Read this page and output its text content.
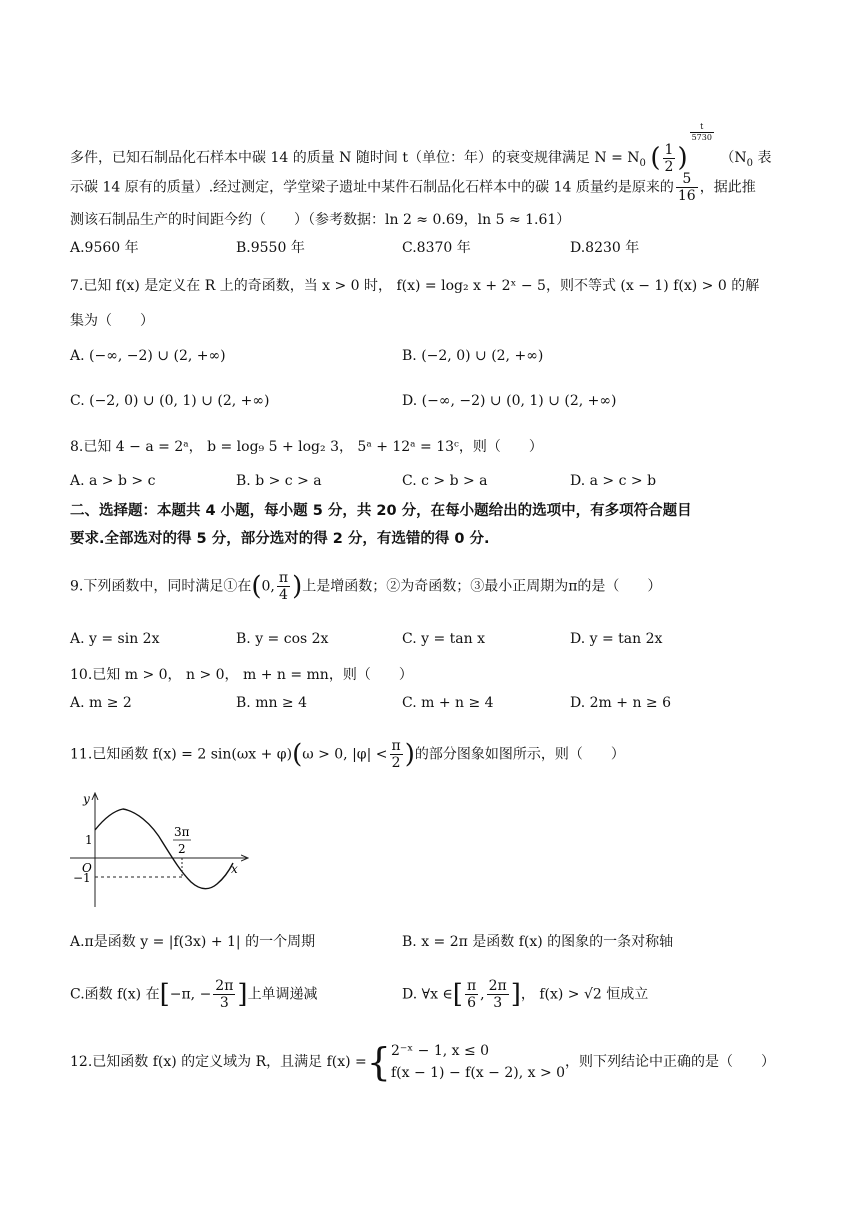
多件，已知石制品化石样本中碳 14 的质量 N 随时间 t（单位：年）的衰变规律满足 $N = N_0$ ( $\frac{1}{2}$ )
$\frac{t}{5730}$
（$N_0$ 表
示碳 14 原有的质量）.经过测定，学堂梁子遗址中某件石制品化石样本中的碳 14 质量约是原来的 $\frac{5}{16}$ ，据此推
测该石制品生产的时间距今约（　　）（参考数据：ln 2 ≈ 0.69，ln 5 ≈ 1.61）
A.9560 年	B.9550 年	C.8370 年	D.8230 年
7.已知 f(x) 是定义在 R 上的奇函数，当 x > 0 时， f(x) = log₂ x + 2ˣ − 5，则不等式 (x − 1) f(x) > 0 的解
集为（　　）
A. (−∞, −2) ∪ (2, +∞)	B. (−2, 0) ∪ (2, +∞)
C. (−2, 0) ∪ (0, 1) ∪ (2, +∞)	D. (−∞, −2) ∪ (0, 1) ∪ (2, +∞)
8.已知 4 − a = 2ᵃ， b = log₉ 5 + log₂ 3， 5ᵃ + 12ᵃ = 13ᶜ，则（　　）
A. a > b > c	B. b > c > a	C. c > b > a	D. a > c > b
二、选择题：本题共 4 小题，每小题 5 分，共 20 分，在每小题给出的选项中，有多项符合题目
要求.全部选对的得 5 分，部分选对的得 2 分，有选错的得 0 分.
9.下列函数中，同时满足①在(0, $\frac{\pi}{4}$ )上是增函数；②为奇函数；③最小正周期为π的是（　　）
A. y = sin 2x	B. y = cos 2x	C. y = tan x	D. y = tan 2x
10.已知 m > 0， n > 0， m + n = mn，则（　　）
A. m ≥ 2	B. mn ≥ 4	C. m + n ≥ 4	D. 2m + n ≥ 6
11.已知函数 f(x) = 2 sin(ωx + φ)(ω > 0, $|\varphi| < \frac{\pi}{2}$ )的部分图象如图所示，则（　　）
y
x
O
1
−1
3π
2
A.π是函数 y = |f(3x) + 1| 的一个周期	B. x = 2π 是函数 f(x) 的图象的一条对称轴
C.函数 f(x) 在[−π, − $\frac{2\pi}{3}$ ]上单调递减	D. ∀x ∈[ $\frac{\pi}{6}$ , $\frac{2\pi}{3}$ ]， f(x) > √2 恒成立
12.已知函数 f(x) 的定义域为 R，且满足 f(x) ={ 2⁻ˣ − 1, x ≤ 0
f(x − 1) − f(x − 2), x > 0
，则下列结论中正确的是（　　）
